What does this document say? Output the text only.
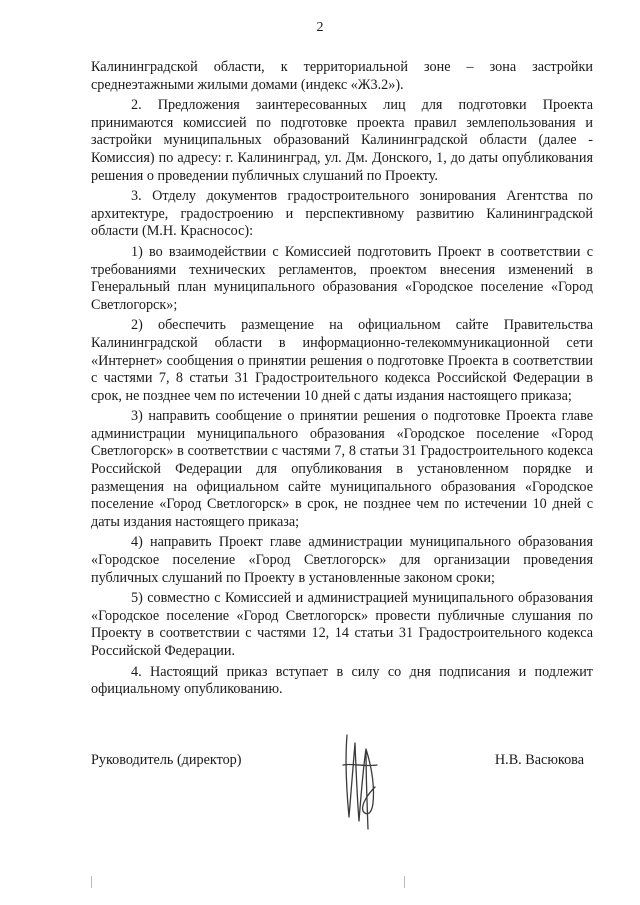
2

Калининградской области, к территориальной зоне – зона застройки среднеэтажными жилыми домами (индекс «Ж3.2»).

2. Предложения заинтересованных лиц для подготовки Проекта принимаются комиссией по подготовке проекта правил землепользования и застройки муниципальных образований Калининградской области (далее - Комиссия) по адресу: г. Калининград, ул. Дм. Донского, 1, до даты опубликования решения о проведении публичных слушаний по Проекту.

3. Отделу документов градостроительного зонирования Агентства по архитектуре, градостроению и перспективному развитию Калининградской области (М.Н. Красносос):

1) во взаимодействии с Комиссией подготовить Проект в соответствии с требованиями технических регламентов, проектом внесения изменений в Генеральный план муниципального образования «Городское поселение «Город Светлогорск»;

2) обеспечить размещение на официальном сайте Правительства Калининградской области в информационно-телекоммуникационной сети «Интернет» сообщения о принятии решения о подготовке Проекта в соответствии с частями 7, 8 статьи 31 Градостроительного кодекса Российской Федерации в срок, не позднее чем по истечении 10 дней с даты издания настоящего приказа;

3) направить сообщение о принятии решения о подготовке Проекта главе администрации муниципального образования «Городское поселение «Город Светлогорск» в соответствии с частями 7, 8 статьи 31 Градостроительного кодекса Российской Федерации для опубликования в установленном порядке и размещения на официальном сайте муниципального образования «Городское поселение «Город Светлогорск» в срок, не позднее чем по истечении 10 дней с даты издания настоящего приказа;

4) направить Проект главе администрации муниципального образования «Городское поселение «Город Светлогорск» для организации проведения публичных слушаний по Проекту в установленные законом сроки;

5) совместно с Комиссией и администрацией муниципального образования «Городское поселение «Город Светлогорск» провести публичные слушания по Проекту в соответствии с частями 12, 14 статьи 31 Градостроительного кодекса Российской Федерации.

4. Настоящий приказ вступает в силу со дня подписания и подлежит официальному опубликованию.

Руководитель (директор)	Н.В. Васюкова
